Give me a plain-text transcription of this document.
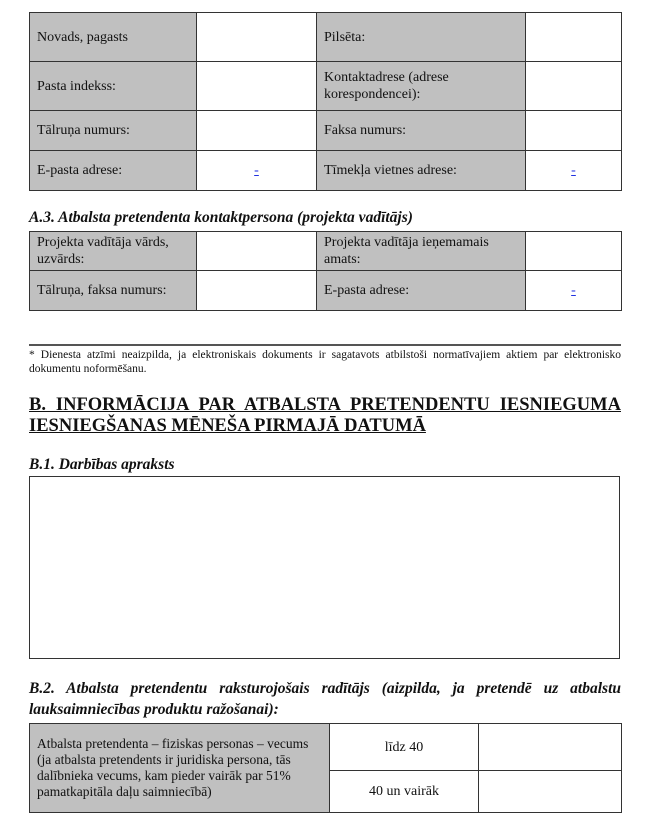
Novads, pagasts		Pilsēta:	
Pasta indekss:		Kontaktadrese (adrese korespondencei):	
Tālruņa numurs:		Faksa numurs:	
E-pasta adrese:	-	Tīmekļa vietnes adrese:	-
A.3. Atbalsta pretendenta kontaktpersona (projekta vadītājs)
Projekta vadītāja vārds, uzvārds:		Projekta vadītāja ieņemamais amats:	
Tālruņa, faksa numurs:		E-pasta adrese:	-
* Dienesta atzīmi neaizpilda, ja elektroniskais dokuments ir sagatavots atbilstoši normatīvajiem aktiem par elektronisko dokumentu noformēšanu.
B. INFORMĀCIJA PAR ATBALSTA PRETENDENTU IESNIEGUMA IESNIEGŠANAS MĒNEŠA PIRMAJĀ DATUMĀ
B.1. Darbības apraksts
B.2. Atbalsta pretendentu raksturojošais radītājs (aizpilda, ja pretendē uz atbalstu lauksaimniecības produktu ražošanai):
Atbalsta pretendenta – fiziskas personas – vecums (ja atbalsta pretendents ir juridiska persona, tās dalībnieka vecums, kam pieder vairāk par 51% pamatkapitāla daļu saimniecībā)	līdz 40	
	40 un vairāk	
